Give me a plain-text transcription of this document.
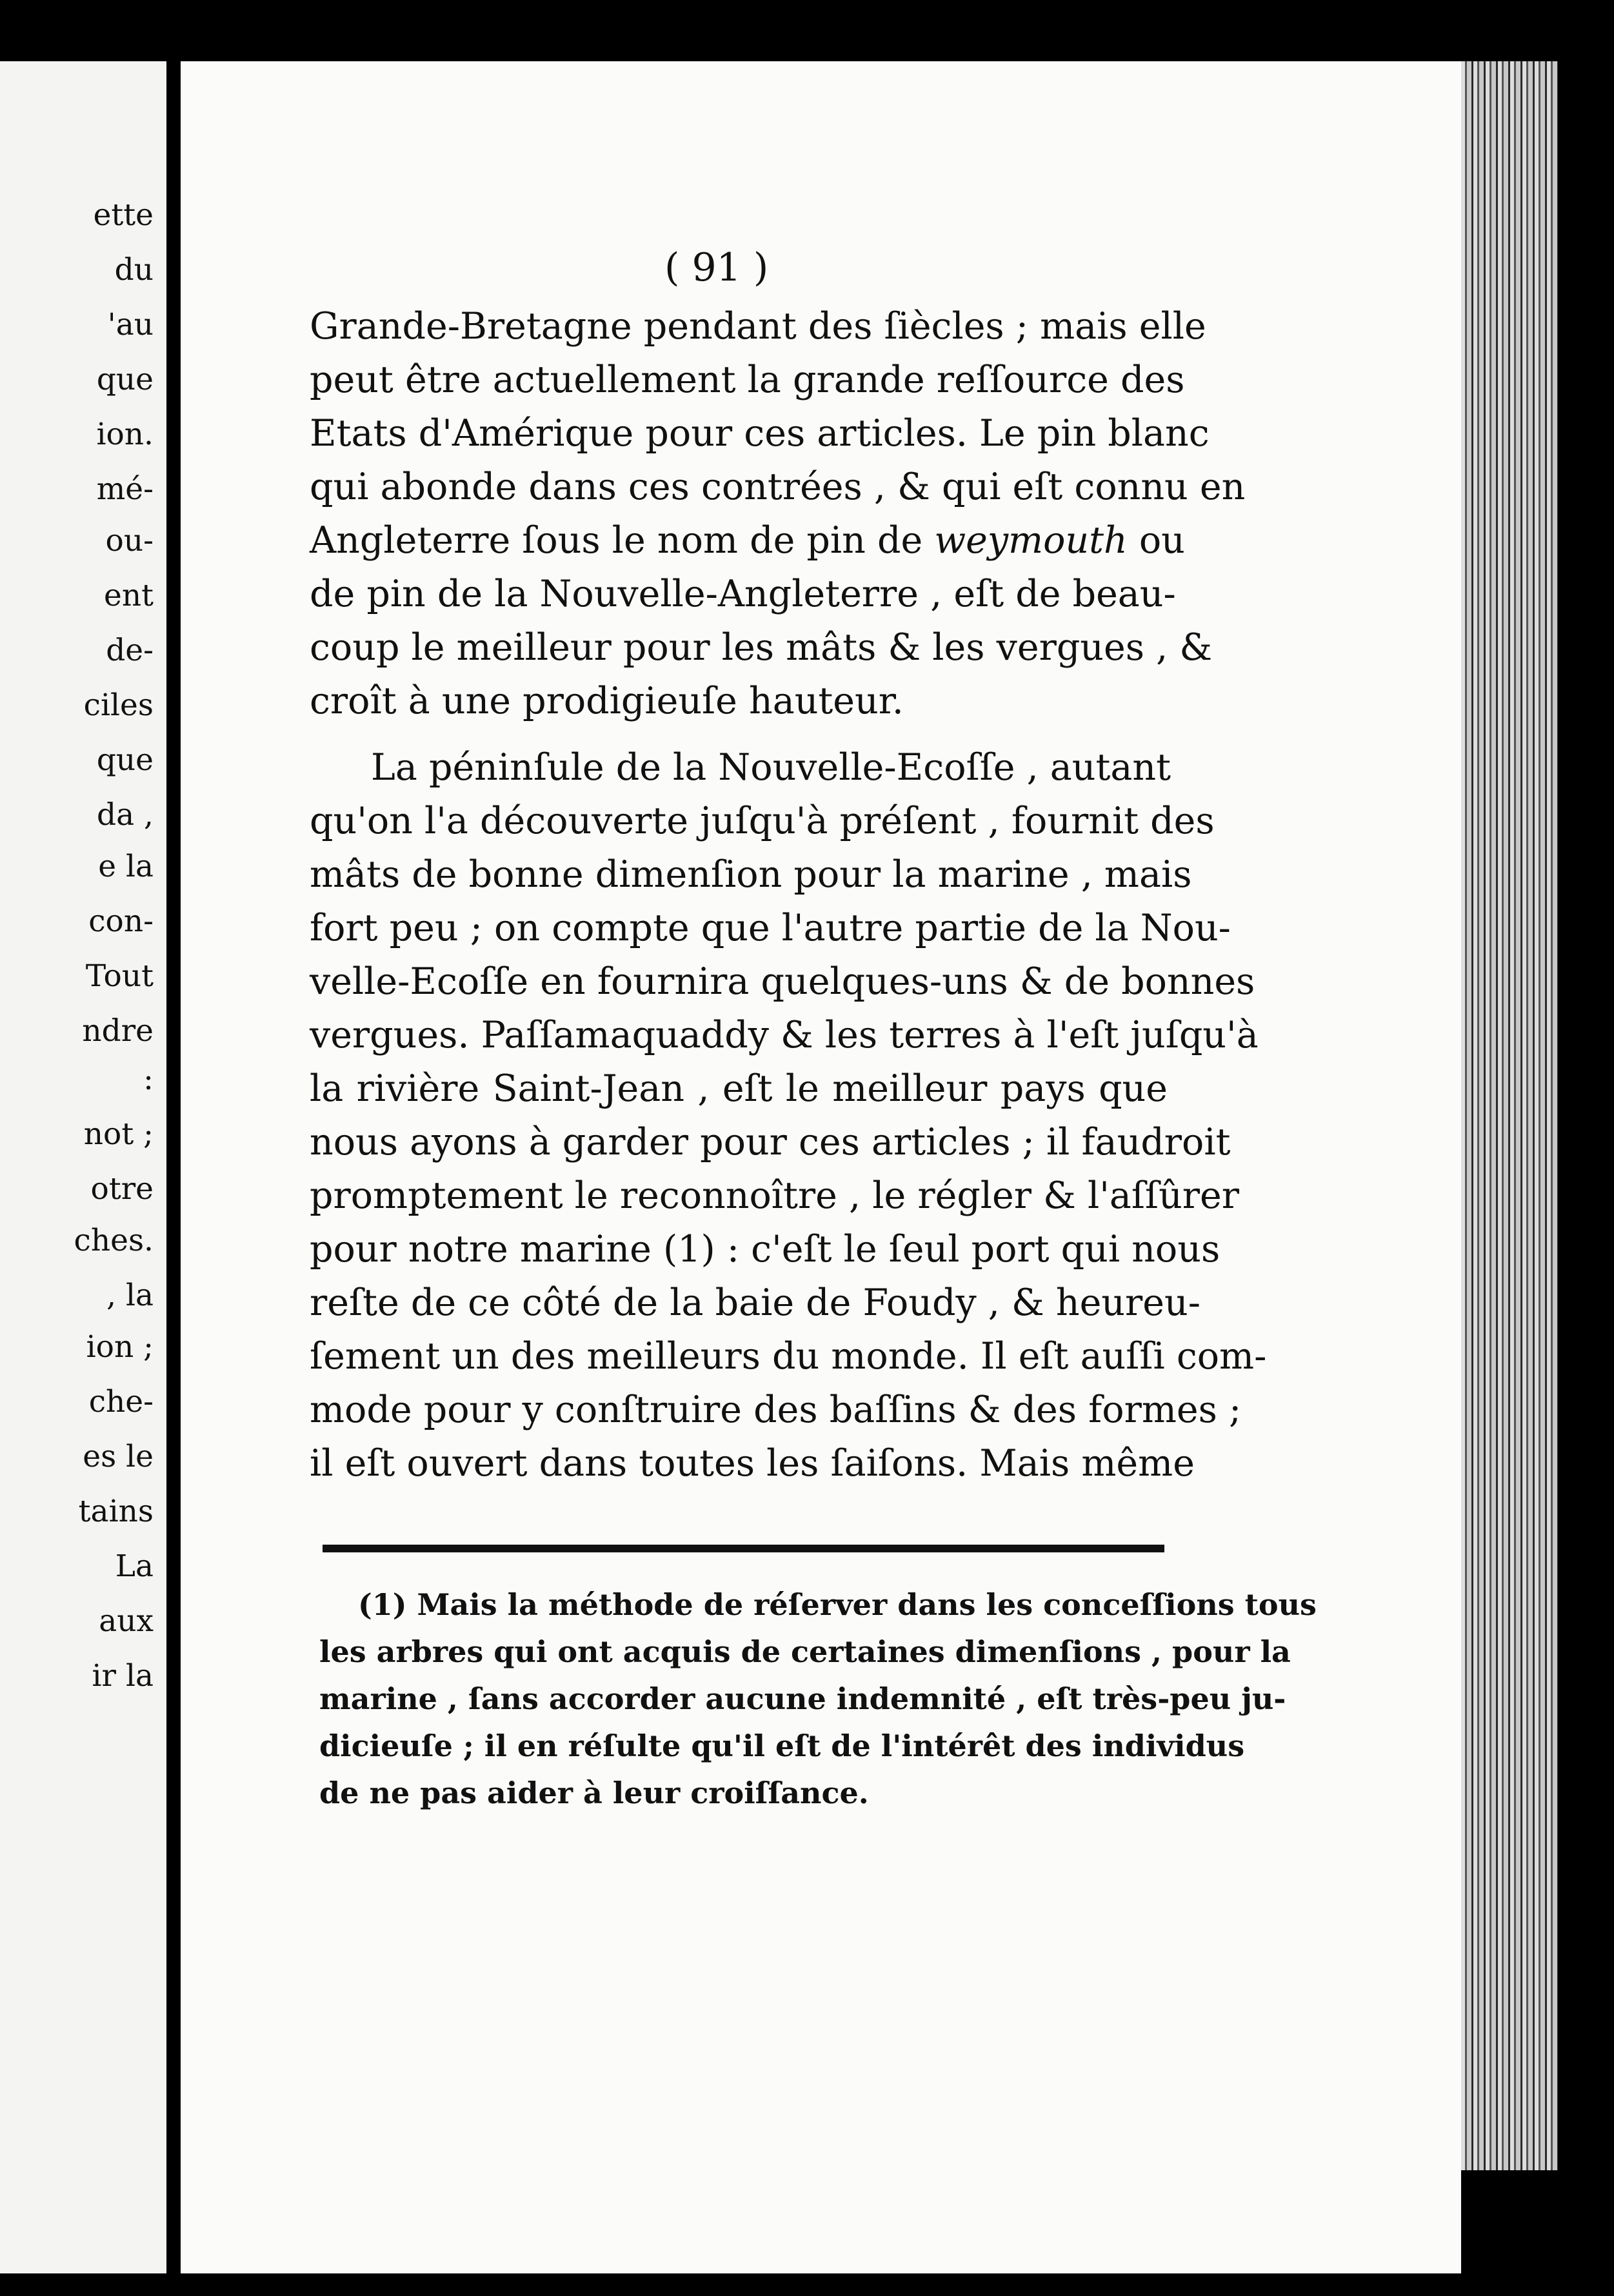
ette
du
'au
que
ion.
mé-
ou-
ent
de-
ciles
que
da ,
e la
con-
Tout
ndre
:
not ;
otre
ches.
, la
ion ;
che-
es le
tains
La
aux
ir la
( 91 )
Grande-Bretagne pendant des ſiècles ; mais elle
peut être actuellement la grande reſſource des
Etats d'Amérique pour ces articles. Le pin blanc
qui abonde dans ces contrées , & qui eſt connu en
Angleterre ſous le nom de pin de weymouth ou
de pin de la Nouvelle-Angleterre , eſt de beau-
coup le meilleur pour les mâts & les vergues , &
croît à une prodigieuſe hauteur.
La péninſule de la Nouvelle-Ecoſſe , autant
qu'on l'a découverte juſqu'à préſent , fournit des
mâts de bonne dimenſion pour la marine , mais
fort peu ; on compte que l'autre partie de la Nou-
velle-Ecoſſe en fournira quelques-uns & de bonnes
vergues. Paſſamaquaddy & les terres à l'eſt juſqu'à
la rivière Saint-Jean , eſt le meilleur pays que
nous ayons à garder pour ces articles ; il faudroit
promptement le reconnoître , le régler & l'aſſûrer
pour notre marine (1) : c'eſt le ſeul port qui nous
reſte de ce côté de la baie de Foudy , & heureu-
ſement un des meilleurs du monde. Il eſt auſſi com-
mode pour y conſtruire des baſſins & des formes ;
il eſt ouvert dans toutes les ſaiſons. Mais même
(1) Mais la méthode de réſerver dans les conceſſions tous
les arbres qui ont acquis de certaines dimenſions , pour la
marine , ſans accorder aucune indemnité , eſt très-peu ju-
dicieuſe ; il en réſulte qu'il eſt de l'intérêt des individus
de ne pas aider à leur croiſſance.
